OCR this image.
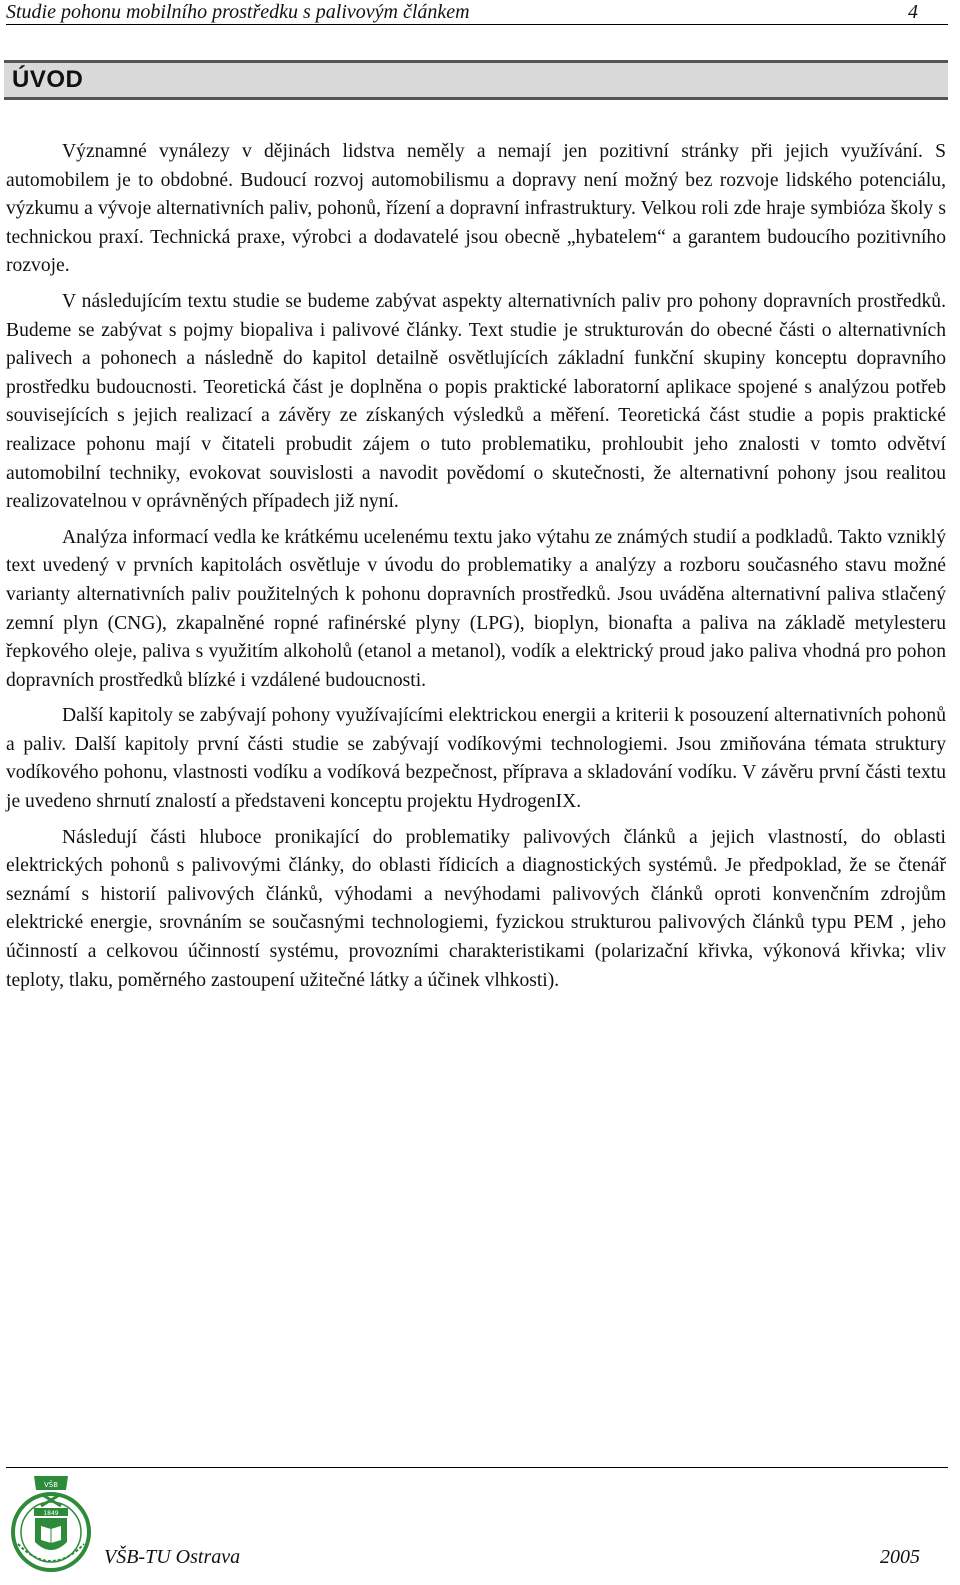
Studie pohonu mobilního prostředku s palivovým článkem	4
ÚVOD

Významné vynálezy v dějinách lidstva neměly a nemají jen pozitivní stránky při jejich využívání. S automobilem je to obdobné. Budoucí rozvoj automobilismu a dopravy není možný bez rozvoje lidského potenciálu, výzkumu a vývoje alternativních paliv, pohonů, řízení a dopravní infrastruktury. Velkou roli zde hraje symbióza školy s technickou praxí. Technická praxe, výrobci a dodavatelé jsou obecně „hybatelem“ a garantem budoucího pozitivního rozvoje.

V následujícím textu studie se budeme zabývat aspekty alternativních paliv pro pohony dopravních prostředků. Budeme se zabývat s pojmy biopaliva i palivové články. Text studie je strukturován do obecné části o alternativních palivech a pohonech a následně do kapitol detailně osvětlujících základní funkční skupiny konceptu dopravního prostředku budoucnosti. Teoretická část je doplněna o popis praktické laboratorní aplikace spojené s analýzou potřeb souvisejících s jejich realizací a závěry ze získaných výsledků a měření. Teoretická část studie a popis praktické realizace pohonu mají v čitateli probudit zájem o tuto problematiku, prohloubit jeho znalosti v tomto odvětví automobilní techniky, evokovat souvislosti a navodit povědomí o skutečnosti, že alternativní pohony jsou realitou realizovatelnou v oprávněných případech již nyní.

Analýza informací vedla ke krátkému ucelenému textu jako výtahu ze známých studií a podkladů. Takto vzniklý text uvedený v prvních kapitolách osvětluje v úvodu do problematiky a analýzy a rozboru současného stavu možné varianty alternativních paliv použitelných k pohonu dopravních prostředků. Jsou uváděna alternativní paliva stlačený zemní plyn (CNG), zkapalněné ropné rafinérské plyny (LPG), bioplyn, bionafta a paliva na základě metylesteru řepkového oleje, paliva s využitím alkoholů (etanol a metanol), vodík a elektrický proud jako paliva vhodná pro pohon dopravních prostředků blízké i vzdálené budoucnosti.

Další kapitoly se zabývají pohony využívajícími elektrickou energii a kriterii k posouzení alternativních pohonů a paliv. Další kapitoly první části studie se zabývají vodíkovými technologiemi. Jsou zmiňována témata struktury vodíkového pohonu, vlastnosti vodíku a vodíková bezpečnost, příprava a skladování vodíku. V závěru první části textu je uvedeno shrnutí znalostí a představeni konceptu projektu HydrogenIX.

Následují části hluboce pronikající do problematiky palivových článků a jejich vlastností, do oblasti elektrických pohonů s palivovými články, do oblasti řídicích a diagnostických systémů. Je předpoklad, že se čtenář seznámí s historií palivových článků, výhodami a nevýhodami palivových článků oproti konvenčním zdrojům elektrické energie, srovnáním se současnými technologiemi, fyzickou strukturou palivových článků typu PEM , jeho účinností a celkovou účinností systému, provozními charakteristikami (polarizační křivka, výkonová křivka; vliv teploty, tlaku, poměrného zastoupení užitečné látky a účinek vlhkosti).

VŠB
1849
VŠB-TU Ostrava	2005
